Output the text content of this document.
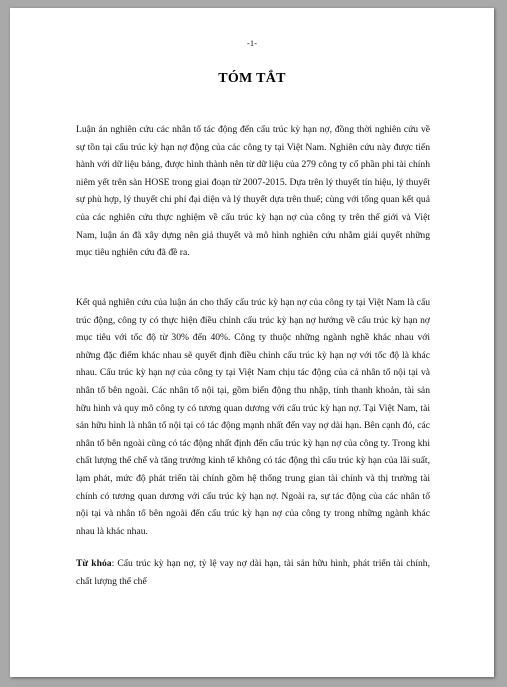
-1-
TÓM TẮT

Luận án nghiên cứu các nhân tố tác động đến cấu trúc kỳ hạn nợ, đồng thời nghiên cứu về sự tồn tại cấu trúc kỳ hạn nợ động của các công ty tại Việt Nam. Nghiên cứu này được tiến hành với dữ liệu bảng, được hình thành nên từ dữ liệu của 279 công ty cổ phần phi tài chính niêm yết trên sàn HOSE trong giai đoạn từ 2007-2015. Dựa trên lý thuyết tín hiệu, lý thuyết sự phù hợp, lý thuyết chi phí đại diện và lý thuyết dựa trên thuế; cùng với tổng quan kết quả của các nghiên cứu thực nghiệm về cấu trúc kỳ hạn nợ của công ty trên thế giới và Việt Nam, luận án đã xây dựng nên giả thuyết và mô hình nghiên cứu nhằm giải quyết những mục tiêu nghiên cứu đã đề ra.

Kết quả nghiên cứu của luận án cho thấy cấu trúc kỳ hạn nợ của công ty tại Việt Nam là cấu trúc động, công ty có thực hiện điều chỉnh cấu trúc kỳ hạn nợ hướng về cấu trúc kỳ hạn nợ mục tiêu với tốc độ từ 30% đến 40%. Công ty thuộc những ngành nghề khác nhau với những đặc điểm khác nhau sẽ quyết định điều chỉnh cấu trúc kỳ hạn nợ với tốc độ là khác nhau. Cấu trúc kỳ hạn nợ của công ty tại Việt Nam chịu tác động của cả nhân tố nội tại và nhân tố bên ngoài. Các nhân tố nội tại, gồm biến động thu nhập, tính thanh khoản, tài sản hữu hình và quy mô công ty có tương quan dương với cấu trúc kỳ hạn nợ. Tại Việt Nam, tài sản hữu hình là nhân tố nội tại có tác động mạnh nhất đến vay nợ dài hạn. Bên cạnh đó, các nhân tố bên ngoài cũng có tác động nhất định đến cấu trúc kỳ hạn nợ của công ty. Trong khi chất lượng thể chế và tăng trưởng kinh tế không có tác động thì cấu trúc kỳ hạn của lãi suất, lạm phát, mức độ phát triển tài chính gồm hệ thống trung gian tài chính và thị trường tài chính có tương quan dương với cấu trúc kỳ hạn nợ. Ngoài ra, sự tác động của các nhân tố nội tại và nhân tố bên ngoài đến cấu trúc kỳ hạn nợ của công ty trong những ngành khác nhau là khác nhau.

Từ khóa: Cấu trúc kỳ hạn nợ, tỷ lệ vay nợ dài hạn, tài sản hữu hình, phát triển tài chính, chất lượng thể chế
